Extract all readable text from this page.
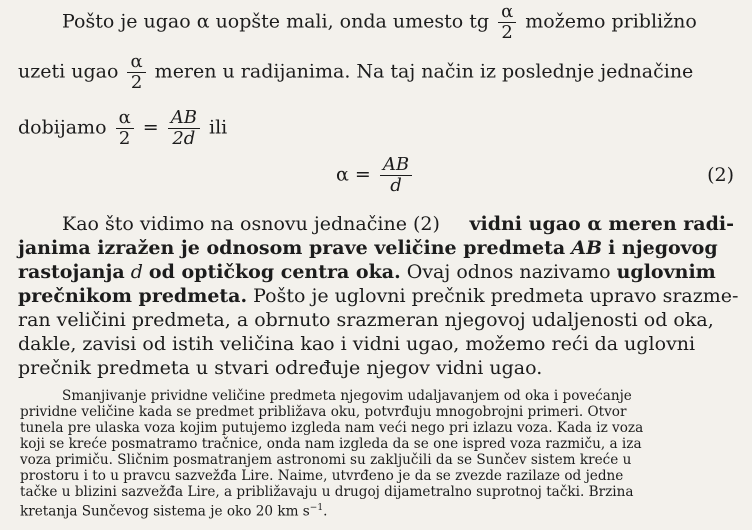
Pošto je ugao α uopšte mali, onda umesto tg $\frac{\alpha}{2}$ možemo približno
uzeti ugao $\frac{\alpha}{2}$ meren u radijanima. Na taj način iz poslednje jednačine
dobijamo $\frac{\alpha}{2} = \frac{AB}{2d}$ ili
$\alpha = \frac{AB}{d}$	(2)
Kao što vidimo na osnovu jednačine (2) vidni ugao α meren radi-
janima izražen je odnosom prave veličine predmeta AB i njegovog
rastojanja d od optičkog centra oka. Ovaj odnos nazivamo uglovnim
prečnikom predmeta. Pošto je uglovni prečnik predmeta upravo srazme-
ran veličini predmeta, a obrnuto srazmeran njegovoj udaljenosti od oka,
dakle, zavisi od istih veličina kao i vidni ugao, možemo reći da uglovni
prečnik predmeta u stvari određuje njegov vidni ugao.
Smanjivanje prividne veličine predmeta njegovim udaljavanjem od oka i povećanje
prividne veličine kada se predmet približava oku, potvrđuju mnogobrojni primeri. Otvor
tunela pre ulaska voza kojim putujemo izgleda nam veći nego pri izlazu voza. Kada iz voza
koji se kreće posmatramo tračnice, onda nam izgleda da se one ispred voza razmiču, a iza
voza primiču. Sličnim posmatranjem astronomi su zaključili da se Sunčev sistem kreće u
prostoru i to u pravcu sazvežđa Lire. Naime, utvrđeno je da se zvezde razilaze od jedne
tačke u blizini sazvežđa Lire, a približavaju u drugoj dijametralno suprotnoj tački. Brzina
kretanja Sunčevog sistema je oko 20 km $s^{-1}$.
